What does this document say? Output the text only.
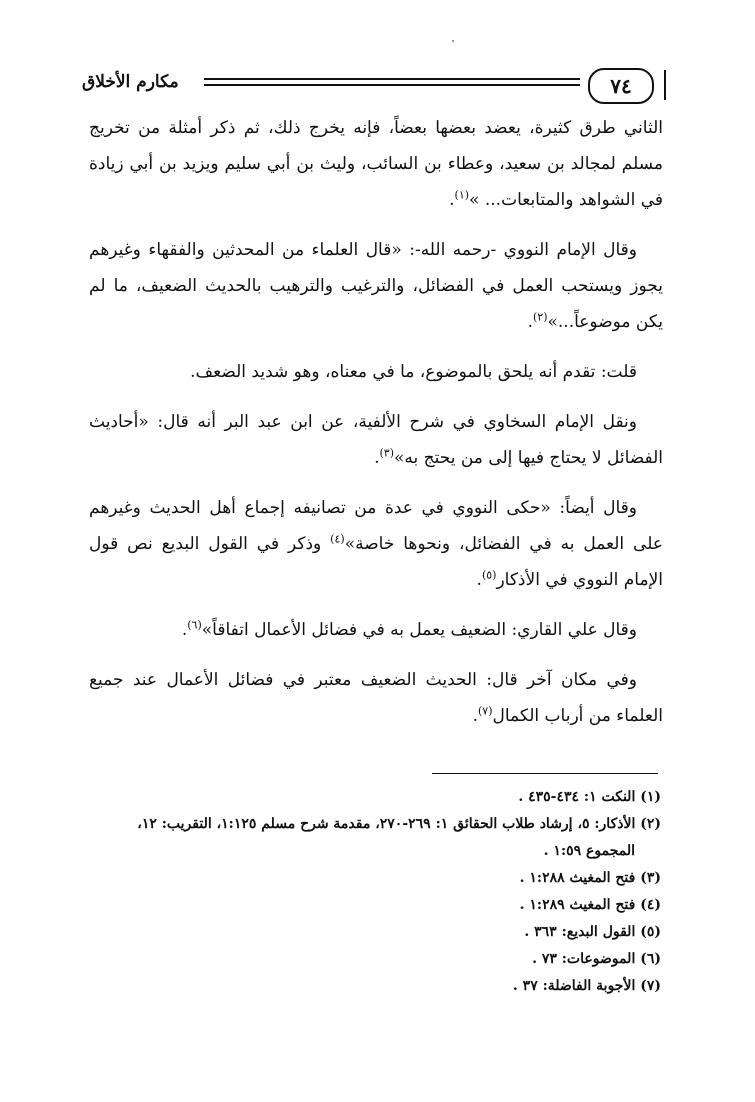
مكارم الأخلاق	٧٤

الثاني طرق كثيرة، يعضد بعضها بعضاً، فإنه يخرج ذلك، ثم ذكر أمثلة من تخريج مسلم لمجالد بن سعيد، وعطاء بن السائب، وليث بن أبي سليم ويزيد بن أبي زيادة في الشواهد والمتابعات... »$^{(١)}$.

وقال الإمام النووي -رحمه الله-: «قال العلماء من المحدثين والفقهاء وغيرهم يجوز ويستحب العمل في الفضائل، والترغيب والترهيب بالحديث الضعيف، ما لم يكن موضوعاً...»$^{(٢)}$.

قلت: تقدم أنه يلحق بالموضوع، ما في معناه، وهو شديد الضعف.

ونقل الإمام السخاوي في شرح الألفية، عن ابن عبد البر أنه قال: «أحاديث الفضائل لا يحتاج فيها إلى من يحتج به»$^{(٣)}$.

وقال أيضاً: «حكى النووي في عدة من تصانيفه إجماع أهل الحديث وغيرهم على العمل به في الفضائل، ونحوها خاصة»$^{(٤)}$ وذكر في القول البديع نص قول الإمام النووي في الأذكار$^{(٥)}$.

وقال علي القاري: الضعيف يعمل به في فضائل الأعمال اتفاقاً»$^{(٦)}$.

وفي مكان آخر قال: الحديث الضعيف معتبر في فضائل الأعمال عند جميع العلماء من أرباب الكمال$^{(٧)}$.

(١) النكت ١: ٤٣٤-٤٣٥ .

(٢) الأذكار: ٥، إرشاد طلاب الحقائق ١: ٢٦٩-٢٧٠، مقدمة شرح مسلم ١:١٢٥، التقريب: ١٢، المجموع ١:٥٩ .

(٣) فتح المغيث ١:٢٨٨ .

(٤) فتح المغيث ١:٢٨٩ .

(٥) القول البديع: ٣٦٣ .

(٦) الموضوعات: ٧٣ .

(٧) الأجوبة الفاضلة: ٣٧ .
